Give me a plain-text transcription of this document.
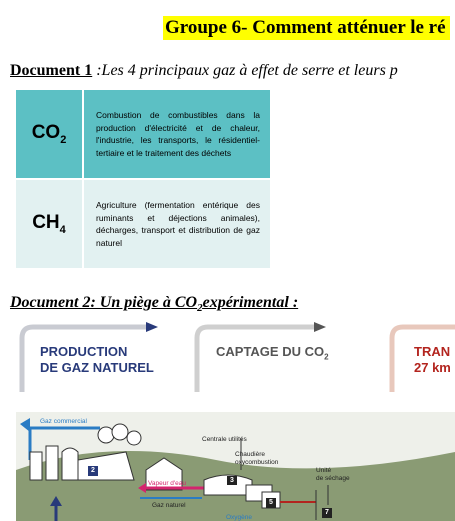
Groupe 6- Comment atténuer le ré
Document 1 :Les 4 principaux gaz à effet de serre et leurs p
$CO_2$	Combustion de combustibles dans la production d'électricité et de chaleur, l'industrie, les transports, le résidentiel-tertiaire et le traitement des déchets
$CH_4$	Agriculture (fermentation entérique des ruminants et déjections animales), décharges, transport et distribution de gaz naturel
Document 2: Un piège à $CO_2\exp érimental$ :
PRODUCTION
DE GAZ NATUREL
CAPTAGE DU $CO_2$	TRAN
27 km
Gaz commercial
Centrale utilités
Chaudière
oxycombustion
Unité
de séchage
Vapeur d'eau
Gaz naturel
Oxygène
2
3
5
7
